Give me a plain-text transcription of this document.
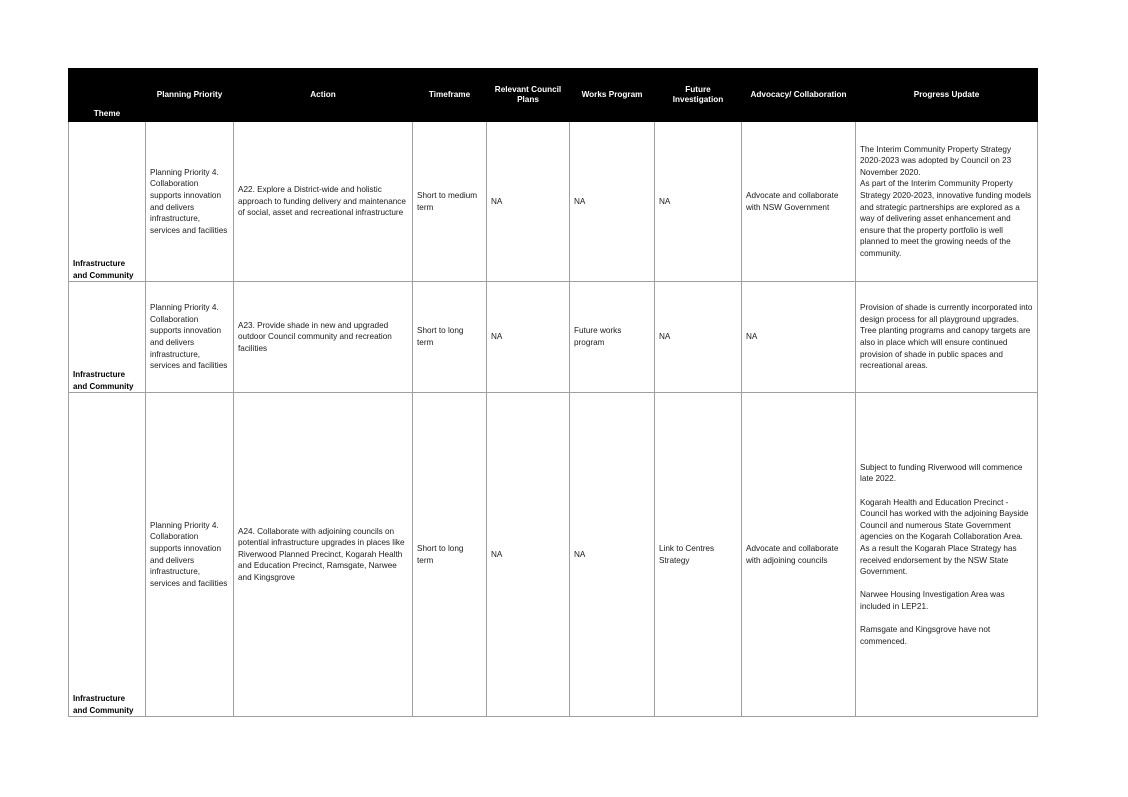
Theme	Planning Priority	Action	Timeframe	Relevant Council Plans	Works Program	Future Investigation	Advocacy/ Collaboration	Progress Update
Infrastructure and Community	Planning Priority 4. Collaboration supports innovation and delivers infrastructure, services and facilities	A22. Explore a District-wide and holistic approach to funding delivery and maintenance of social, asset and recreational infrastructure	Short to medium term	NA	NA	NA	Advocate and collaborate with NSW Government	The Interim Community Property Strategy 2020-2023 was adopted by Council on 23 November 2020.
As part of the Interim Community Property Strategy 2020-2023, innovative funding models and strategic partnerships are explored as a way of delivering asset enhancement and ensure that the property portfolio is well planned to meet the growing needs of the community.

Infrastructure and Community	Planning Priority 4. Collaboration supports innovation and delivers infrastructure, services and facilities	A23. Provide shade in new and upgraded outdoor Council community and recreation facilities	Short to long term	NA	Future works program	NA	NA	Provision of shade is currently incorporated into design process for all playground upgrades. Tree planting programs and canopy targets are also in place which will ensure continued provision of shade in public spaces and recreational areas.

Infrastructure and Community	Planning Priority 4. Collaboration supports innovation and delivers infrastructure, services and facilities	A24. Collaborate with adjoining councils on potential infrastructure upgrades in places like Riverwood Planned Precinct, Kogarah Health and Education Precinct, Ramsgate, Narwee and Kingsgrove	Short to long term	NA	NA	Link to Centres Strategy	Advocate and collaborate with adjoining councils	Subject to funding Riverwood will commence late 2022.
Kogarah Health and Education Precinct - Council has worked with the adjoining Bayside Council and numerous State Government agencies on the Kogarah Collaboration Area. As a result the Kogarah Place Strategy has received endorsement by the NSW State Government.
Narwee Housing Investigation Area was included in LEP21.
Ramsgate and Kingsgrove have not commenced.
